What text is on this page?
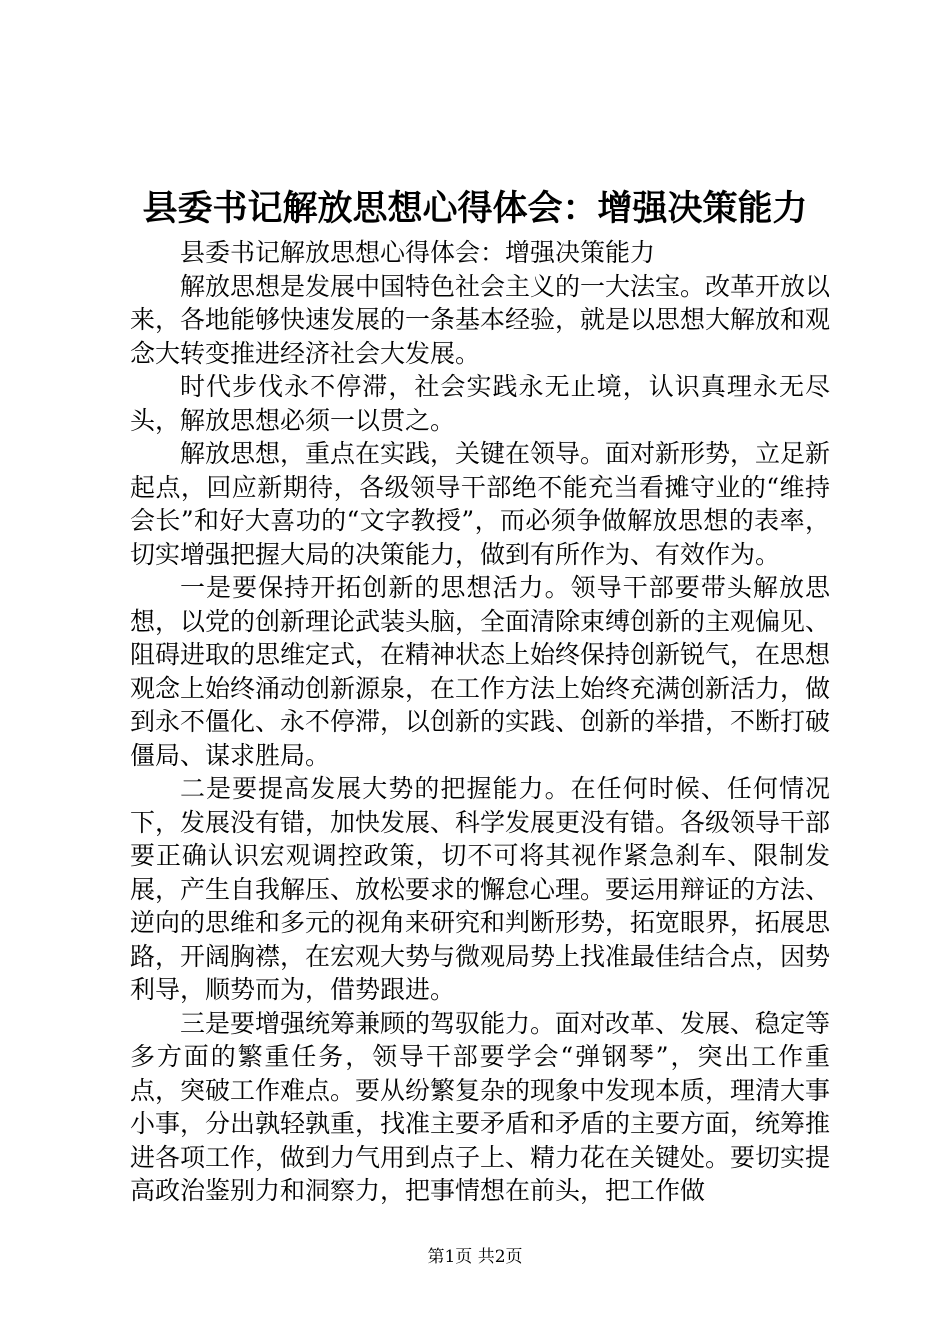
县委书记解放思想心得体会：增强决策能力

县委书记解放思想心得体会：增强决策能力

解放思想是发展中国特色社会主义的一大法宝。改革开放以来，各地能够快速发展的一条基本经验，就是以思想大解放和观念大转变推进经济社会大发展。

时代步伐永不停滞，社会实践永无止境，认识真理永无尽头，解放思想必须一以贯之。

解放思想，重点在实践，关键在领导。面对新形势，立足新起点，回应新期待，各级领导干部绝不能充当看摊守业的“维持会长”和好大喜功的“文字教授”，而必须争做解放思想的表率，切实增强把握大局的决策能力，做到有所作为、有效作为。

一是要保持开拓创新的思想活力。领导干部要带头解放思想，以党的创新理论武装头脑，全面清除束缚创新的主观偏见、阻碍进取的思维定式，在精神状态上始终保持创新锐气，在思想观念上始终涌动创新源泉，在工作方法上始终充满创新活力，做到永不僵化、永不停滞，以创新的实践、创新的举措，不断打破僵局、谋求胜局。

二是要提高发展大势的把握能力。在任何时候、任何情况下，发展没有错，加快发展、科学发展更没有错。各级领导干部要正确认识宏观调控政策，切不可将其视作紧急刹车、限制发展，产生自我解压、放松要求的懈怠心理。要运用辩证的方法、逆向的思维和多元的视角来研究和判断形势，拓宽眼界，拓展思路，开阔胸襟，在宏观大势与微观局势上找准最佳结合点，因势利导，顺势而为，借势跟进。

三是要增强统筹兼顾的驾驭能力。面对改革、发展、稳定等多方面的繁重任务，领导干部要学会“弹钢琴”，突出工作重点，突破工作难点。要从纷繁复杂的现象中发现本质，理清大事小事，分出孰轻孰重，找准主要矛盾和矛盾的主要方面，统筹推进各项工作，做到力气用到点子上、精力花在关键处。要切实提高政治鉴别力和洞察力，把事情想在前头，把工作做

第1页 共2页
